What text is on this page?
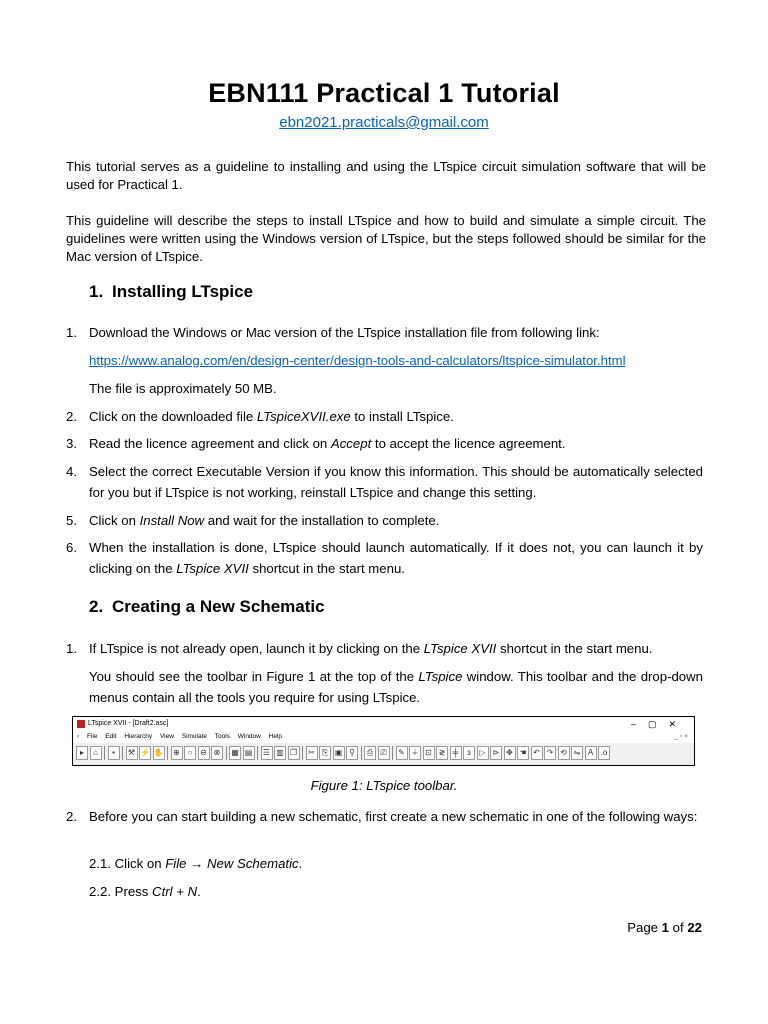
EBN111 Practical 1 Tutorial
ebn2021.practicals@gmail.com
This tutorial serves as a guideline to installing and using the LTspice circuit simulation software that will be used for Practical 1.
This guideline will describe the steps to install LTspice and how to build and simulate a simple circuit. The guidelines were written using the Windows version of LTspice, but the steps followed should be similar for the Mac version of LTspice.
1. Installing LTspice
1. Download the Windows or Mac version of the LTspice installation file from following link:
https://www.analog.com/en/design-center/design-tools-and-calculators/ltspice-simulator.html
The file is approximately 50 MB.
2. Click on the downloaded file LTspiceXVII.exe to install LTspice.
3. Read the licence agreement and click on Accept to accept the licence agreement.
4. Select the correct Executable Version if you know this information. This should be automatically selected for you but if LTspice is not working, reinstall LTspice and change this setting.
5. Click on Install Now and wait for the installation to complete.
6. When the installation is done, LTspice should launch automatically. If it does not, you can launch it by clicking on the LTspice XVII shortcut in the start menu.
2. Creating a New Schematic
1. If LTspice is not already open, launch it by clicking on the LTspice XVII shortcut in the start menu.
You should see the toolbar in Figure 1 at the top of the LTspice window. This toolbar and the drop-down menus contain all the tools you require for using LTspice.
LTspice XVII - [Draft2.asc]	–▢✕
‹ File Edit Hierarchy View Simulate Tools Window Help	_ ▫ ×
▸	⌂	▪	⚒ ⚡ ✋	⊕ ○ ⊖ ⊗	▦ ▤	☰ ▥ ❐	✂ ⎘ ▣ ⚲	⎙ ⎚	✎ ⏚ ⊡ ≷ ╪	ɜ	▷ ⊳ ✥ ☚ ↶ ↷ ⟲ ⇋ A .o
Figure 1: LTspice toolbar.
2. Before you can start building a new schematic, first create a new schematic in one of the following ways:
2.1. Click on File → New Schematic.
2.2. Press Ctrl + N.
Page 1 of 22
